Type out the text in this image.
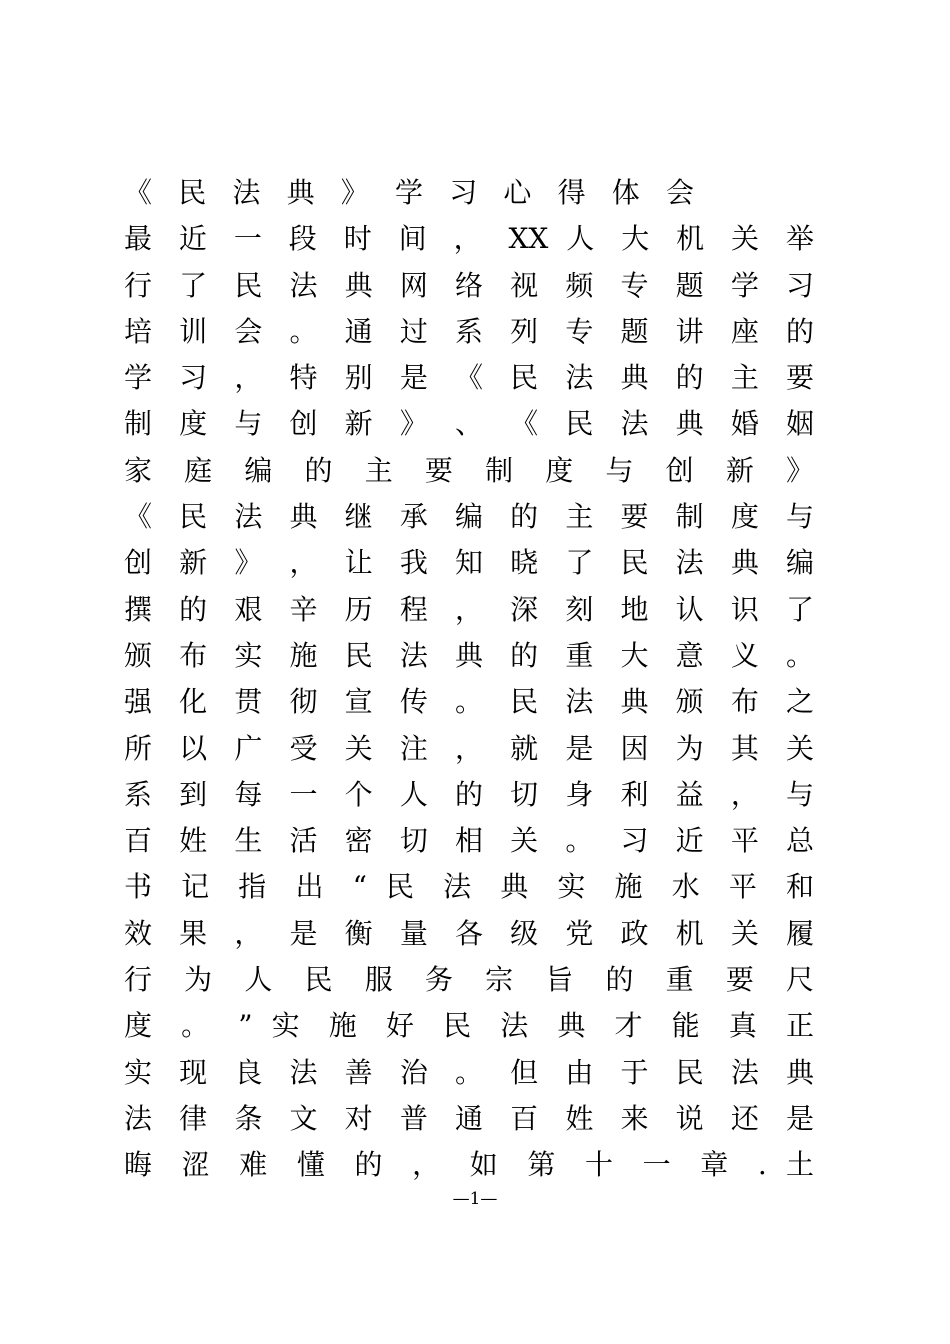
《 民 法 典 》 学 习 心 得 体 会
最 近 一 段 时 间 ， XX 人 大 机 关 举
行 了 民 法 典 网 络 视 频 专 题 学 习
培 训 会 。 通 过 系 列 专 题 讲 座 的
学 习 ， 特 别 是 《 民 法 典 的 主 要
制 度 与 创 新 》 、 《 民 法 典 婚 姻
家 庭 编 的 主 要 制 度 与 创 新 》
《 民 法 典 继 承 编 的 主 要 制 度 与
创 新 》 ， 让 我 知 晓 了 民 法 典 编
撰 的 艰 辛 历 程 ， 深 刻 地 认 识 了
颁 布 实 施 民 法 典 的 重 大 意 义 。
强 化 贯 彻 宣 传 。 民 法 典 颁 布 之
所 以 广 受 关 注 ， 就 是 因 为 其 关
系 到 每 一 个 人 的 切 身 利 益 ， 与
百 姓 生 活 密 切 相 关 。 习 近 平 总
书 记 指 出 “ 民 法 典 实 施 水 平 和
效 果 ， 是 衡 量 各 级 党 政 机 关 履
行 为 人 民 服 务 宗 旨 的 重 要 尺
度 。 ” 实 施 好 民 法 典 才 能 真 正
实 现 良 法 善 治 。 但 由 于 民 法 典
法 律 条 文 对 普 通 百 姓 来 说 还 是
晦 涩 难 懂 的 ， 如 第 十 一 章 . 土
—1—
